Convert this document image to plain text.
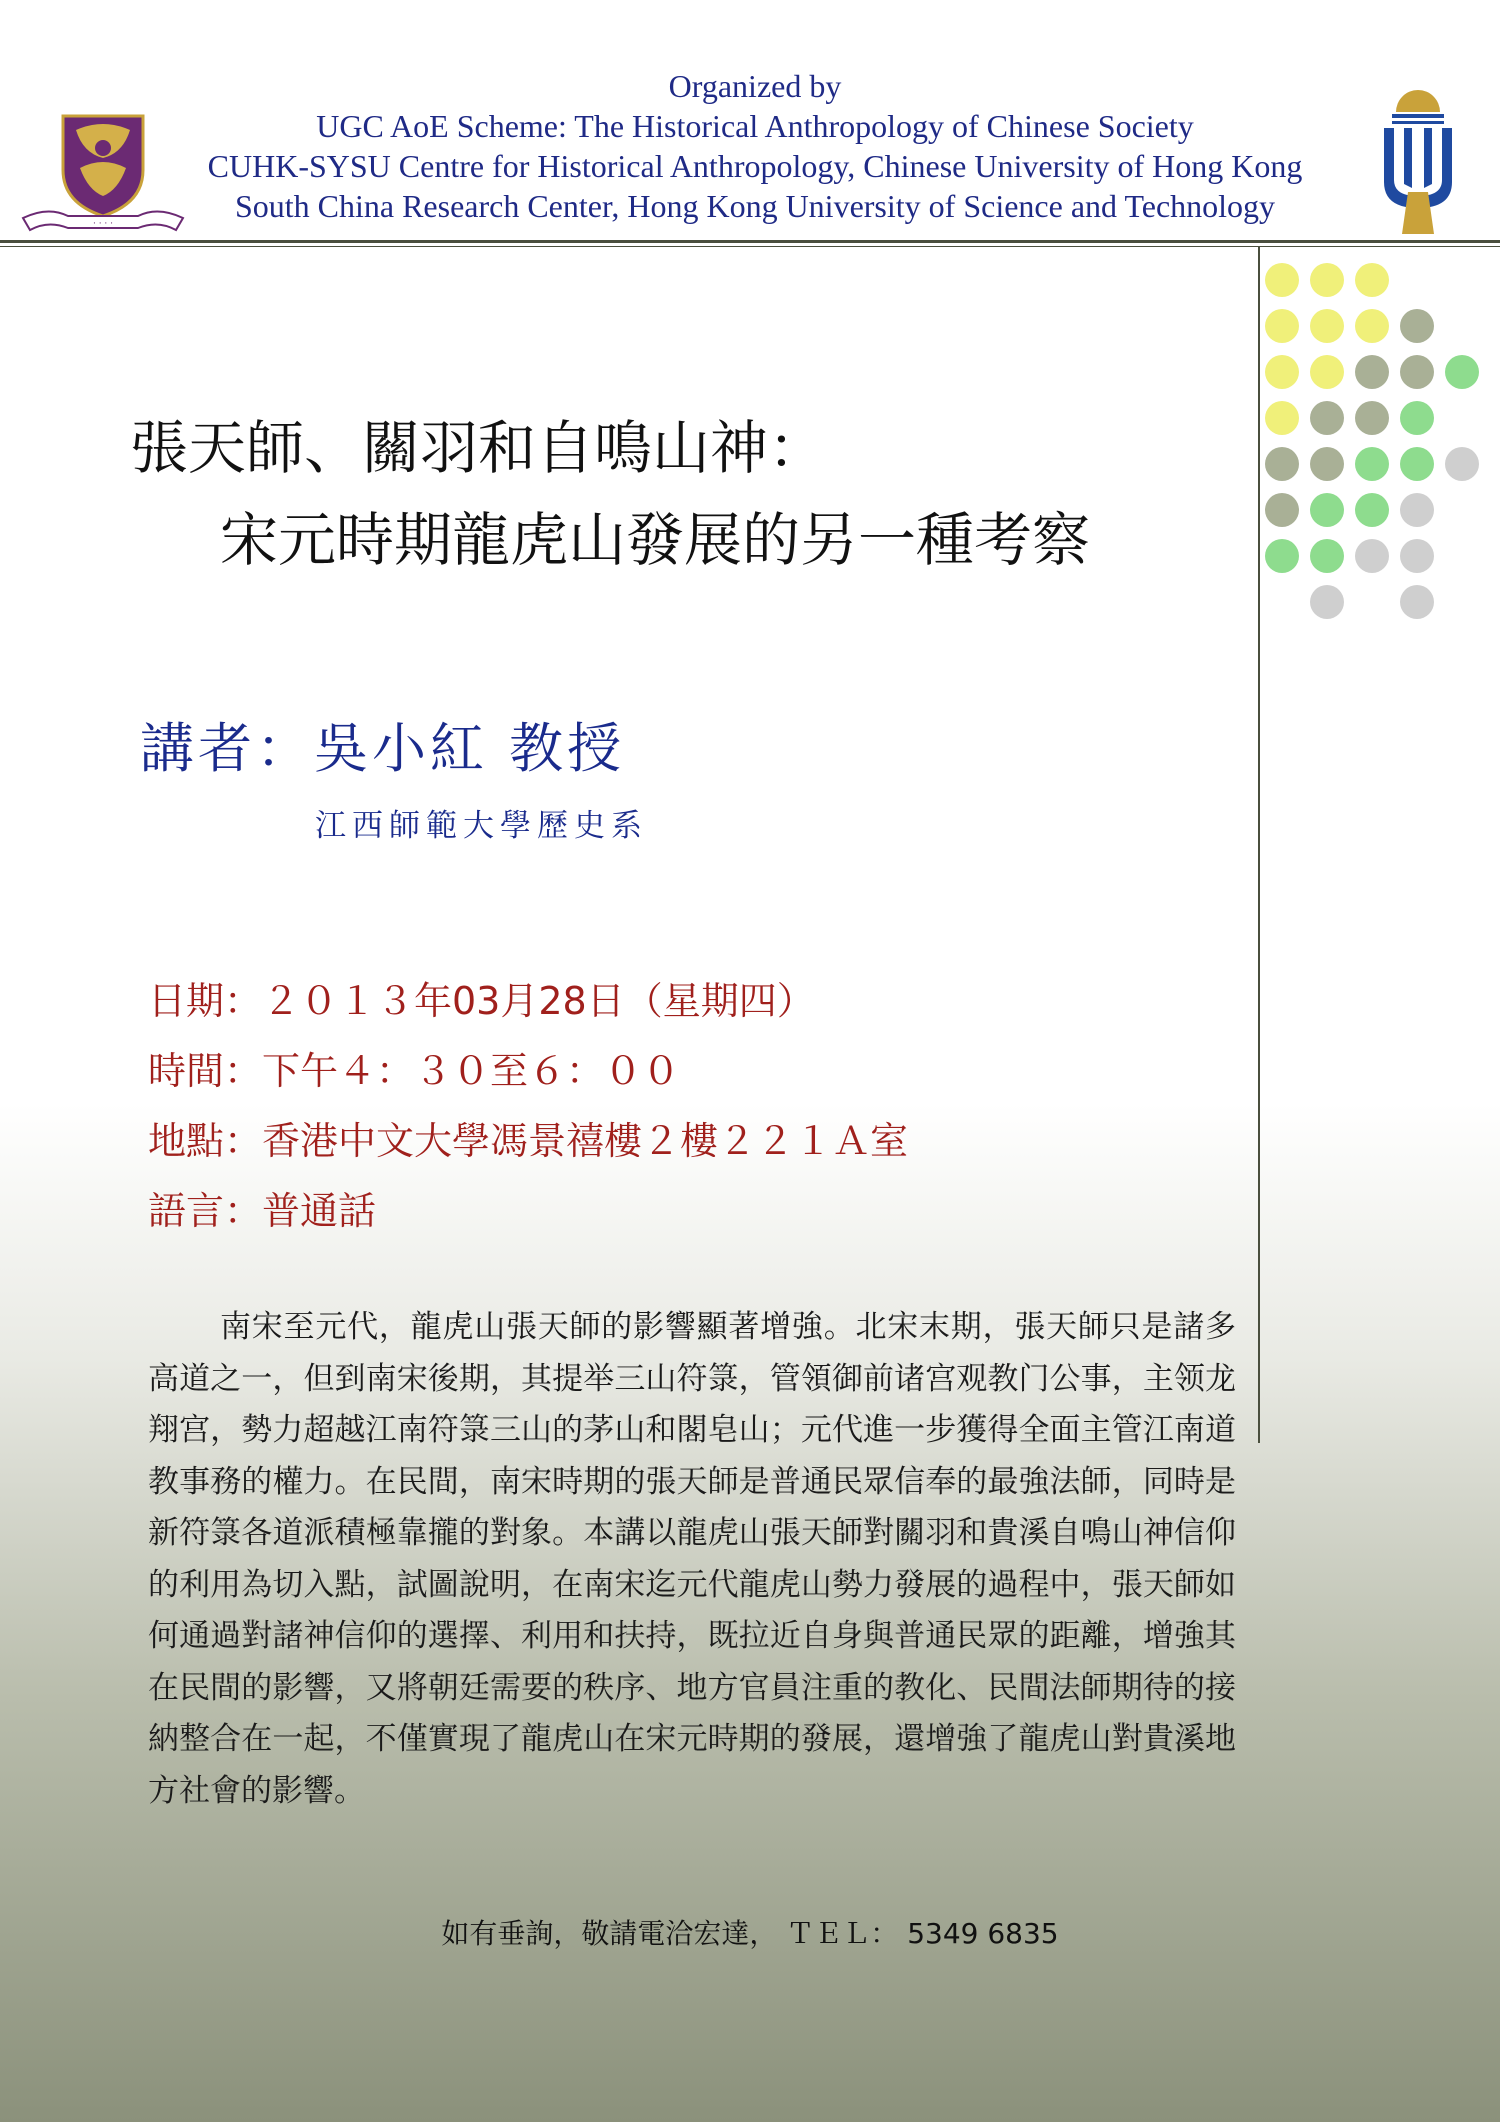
· · · ·
Organized by
UGC AoE Scheme: The Historical Anthropology of Chinese Society
CUHK-SYSU Centre for Historical Anthropology, Chinese University of Hong Kong
South China Research Center, Hong Kong University of Science and Technology
張天師、關羽和自鳴山神：
宋元時期龍虎山發展的另一種考察
講者：吳小紅 教授
江西師範大學歷史系
日期：２０１３年03月28日（星期四）
時間：下午４：３０至６：００
地點：香港中文大學馮景禧樓２樓２２１Ａ室
語言：普通話
南宋至元代，龍虎山張天師的影響顯著增強。北宋末期，張天師只是諸多高道之一，但到南宋後期，其提举三山符箓，管領御前诸宫观教门公事，主领龙翔宫，勢力超越江南符箓三山的茅山和閣皂山；元代進一步獲得全面主管江南道教事務的權力。在民間，南宋時期的張天師是普通民眾信奉的最強法師，同時是新符箓各道派積極靠攏的對象。本講以龍虎山張天師對關羽和貴溪自鳴山神信仰的利用為切入點，試圖說明，在南宋迄元代龍虎山勢力發展的過程中，張天師如何通過對諸神信仰的選擇、利用和扶持，既拉近自身與普通民眾的距離，增強其在民間的影響，又將朝廷需要的秩序、地方官員注重的教化、民間法師期待的接納整合在一起，不僅實現了龍虎山在宋元時期的發展，還增強了龍虎山對貴溪地方社會的影響。
如有垂詢，敬請電洽宏達， ＴＥＬ： 5349 6835
